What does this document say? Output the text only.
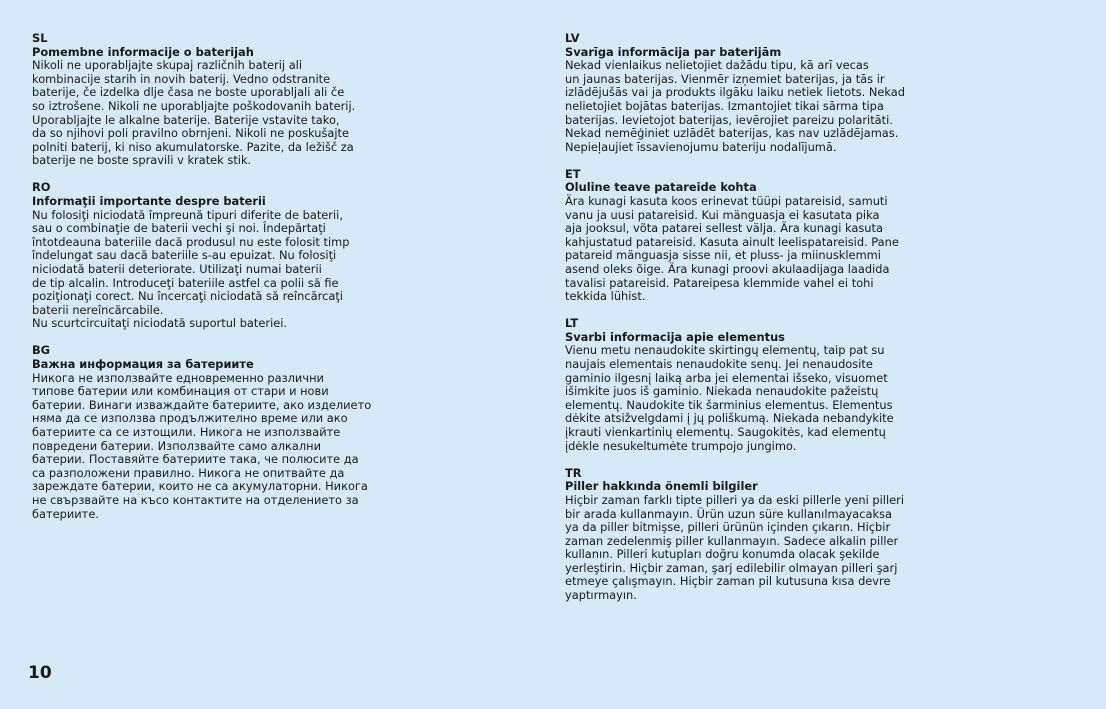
SL
Pomembne informacije o baterijah
Nikoli ne uporabljajte skupaj različnih baterij ali
kombinacije starih in novih baterij. Vedno odstranite
baterije, če izdelka dlje časa ne boste uporabljali ali če
so iztrošene. Nikoli ne uporabljajte poškodovanih baterij.
Uporabljajte le alkalne baterije. Baterije vstavite tako,
da so njihovi poli pravilno obrnjeni. Nikoli ne poskušajte
polniti baterij, ki niso akumulatorske. Pazite, da ležišč za
baterije ne boste spravili v kratek stik.
RO
Informaţii importante despre baterii
Nu folosiţi niciodată împreună tipuri diferite de baterii,
sau o combinaţie de baterii vechi şi noi. Îndepărtaţi
întotdeauna bateriile dacă produsul nu este folosit timp
îndelungat sau dacă bateriile s-au epuizat. Nu folosiţi
niciodată baterii deteriorate. Utilizaţi numai baterii
de tip alcalin. Introduceţi bateriile astfel ca polii să fie
poziţionaţi corect. Nu încercaţi niciodată să reîncărcaţi
baterii nereîncărcabile.
Nu scurtcircuitaţi niciodată suportul bateriei.
BG
Важна информация за батериите
Никога не използвайте едновременно различни
типове батерии или комбинация от стари и нови
батерии. Винаги изваждайте батериите, ако изделието
няма да се използва продължително време или ако
батериите са се изтощили. Никога не използвайте
повредени батерии. Използвайте само алкални
батерии. Поставяйте батериите така, че полюсите да
са разположени правилно. Никога не опитвайте да
зареждате батерии, които не са акумулаторни. Никога
не свързвайте на късо контактите на отделението за
батериите.
LV
Svarīga informācija par baterijām
Nekad vienlaikus nelietojiet dažādu tipu, kā arī vecas
un jaunas baterijas. Vienmēr izņemiet baterijas, ja tās ir
izlādējušās vai ja produkts ilgāku laiku netiek lietots. Nekad
nelietojiet bojātas baterijas. Izmantojiet tikai sārma tipa
baterijas. Ievietojot baterijas, ievērojiet pareizu polaritāti.
Nekad nemēģiniet uzlādēt baterijas, kas nav uzlādējamas.
Nepieļaujiet īssavienojumu bateriju nodalījumā.
ET
Oluline teave patareide kohta
Ära kunagi kasuta koos erinevat tüüpi patareisid, samuti
vanu ja uusi patareisid. Kui mänguasja ei kasutata pika
aja jooksul, võta patarei sellest välja. Ära kunagi kasuta
kahjustatud patareisid. Kasuta ainult leelispatareisid. Pane
patareid mänguasja sisse nii, et pluss- ja miinusklemmi
asend oleks õige. Ära kunagi proovi akulaadijaga laadida
tavalisi patareisid. Patareipesa klemmide vahel ei tohi
tekkida lühist.
LT
Svarbi informacija apie elementus
Vienu metu nenaudokite skirtingų elementų, taip pat su
naujais elementais nenaudokite senų. Jei nenaudosite
gaminio ilgesnį laiką arba jei elementai išseko, visuomet
išimkite juos iš gaminio. Niekada nenaudokite pažeistų
elementų. Naudokite tik šarminius elementus. Elementus
dėkite atsižvelgdami į jų poliškumą. Niekada nebandykite
įkrauti vienkartinių elementų. Saugokitės, kad elementų
įdėkle nesukeltumėte trumpojo jungimo.
TR
Piller hakkında önemli bilgiler
Hiçbir zaman farklı tipte pilleri ya da eski pillerle yeni pilleri
bir arada kullanmayın. Ürün uzun süre kullanılmayacaksa
ya da piller bitmişse, pilleri ürünün içinden çıkarın. Hiçbir
zaman zedelenmiş piller kullanmayın. Sadece alkalin piller
kullanın. Pilleri kutupları doğru konumda olacak şekilde
yerleştirin. Hiçbir zaman, şarj edilebilir olmayan pilleri şarj
etmeye çalışmayın. Hiçbir zaman pil kutusuna kısa devre
yaptırmayın.
10
